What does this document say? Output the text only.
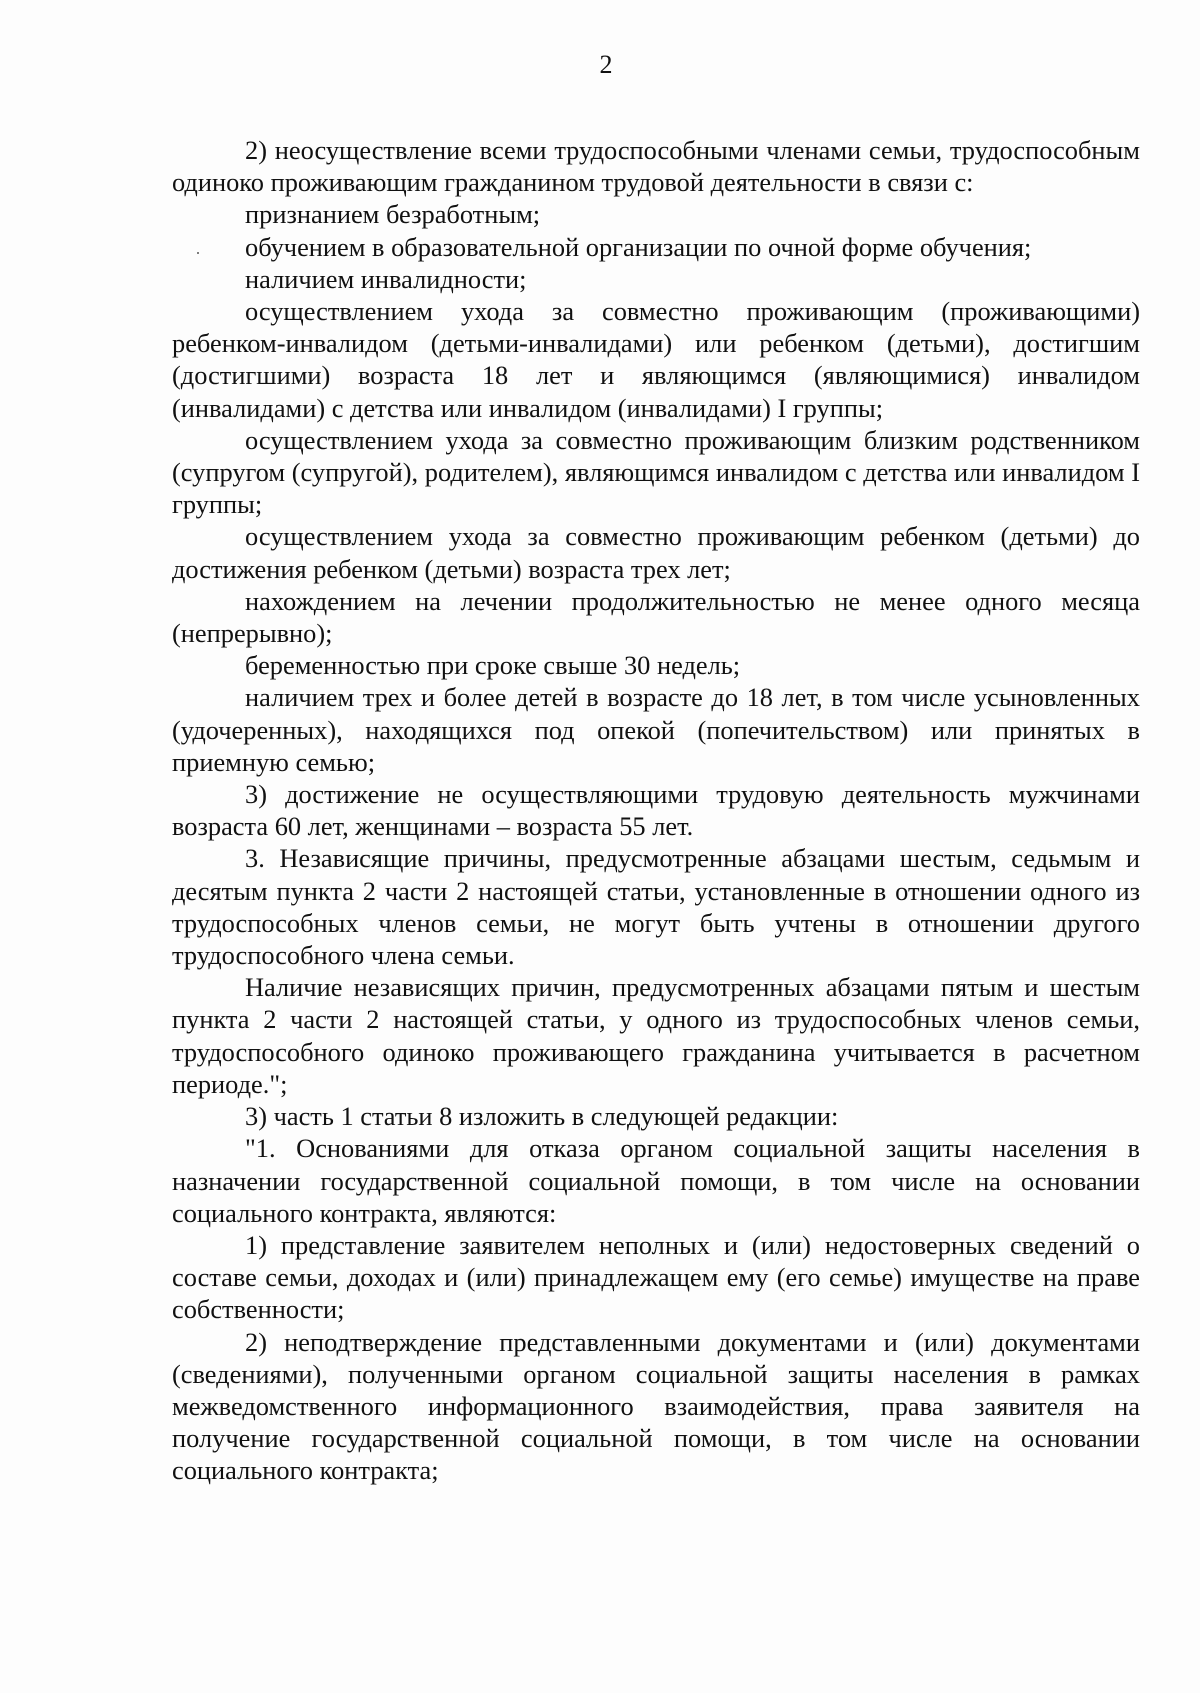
2

2) неосуществление всеми трудоспособными членами семьи, трудоспособным одиноко проживающим гражданином трудовой деятельности в связи с:

признанием безработным;

обучением в образовательной организации по очной форме обучения;

наличием инвалидности;

осуществлением ухода за совместно проживающим (проживающими) ребенком-инвалидом (детьми-инвалидами) или ребенком (детьми), достигшим (достигшими) возраста 18 лет и являющимся (являющимися) инвалидом (инвалидами) с детства или инвалидом (инвалидами) I группы;

осуществлением ухода за совместно проживающим близким родственником (супругом (супругой), родителем), являющимся инвалидом с детства или инвалидом I группы;

осуществлением ухода за совместно проживающим ребенком (детьми) до достижения ребенком (детьми) возраста трех лет;

нахождением на лечении продолжительностью не менее одного месяца (непрерывно);

беременностью при сроке свыше 30 недель;

наличием трех и более детей в возрасте до 18 лет, в том числе усыновленных (удочеренных), находящихся под опекой (попечительством) или принятых в приемную семью;

3) достижение не осуществляющими трудовую деятельность мужчинами возраста 60 лет, женщинами – возраста 55 лет.

3. Независящие причины, предусмотренные абзацами шестым, седьмым и десятым пункта 2 части 2 настоящей статьи, установленные в отношении одного из трудоспособных членов семьи, не могут быть учтены в отношении другого трудоспособного члена семьи.

Наличие независящих причин, предусмотренных абзацами пятым и шестым пункта 2 части 2 настоящей статьи, у одного из трудоспособных членов семьи, трудоспособного одиноко проживающего гражданина учитывается в расчетном периоде.";

3) часть 1 статьи 8 изложить в следующей редакции:

"1. Основаниями для отказа органом социальной защиты населения в назначении государственной социальной помощи, в том числе на основании социального контракта, являются:

1) представление заявителем неполных и (или) недостоверных сведений о составе семьи, доходах и (или) принадлежащем ему (его семье) имуществе на праве собственности;

2) неподтверждение представленными документами и (или) документами (сведениями), полученными органом социальной защиты населения в рамках межведомственного информационного взаимодействия, права заявителя на получение государственной социальной помощи, в том числе на основании социального контракта;
